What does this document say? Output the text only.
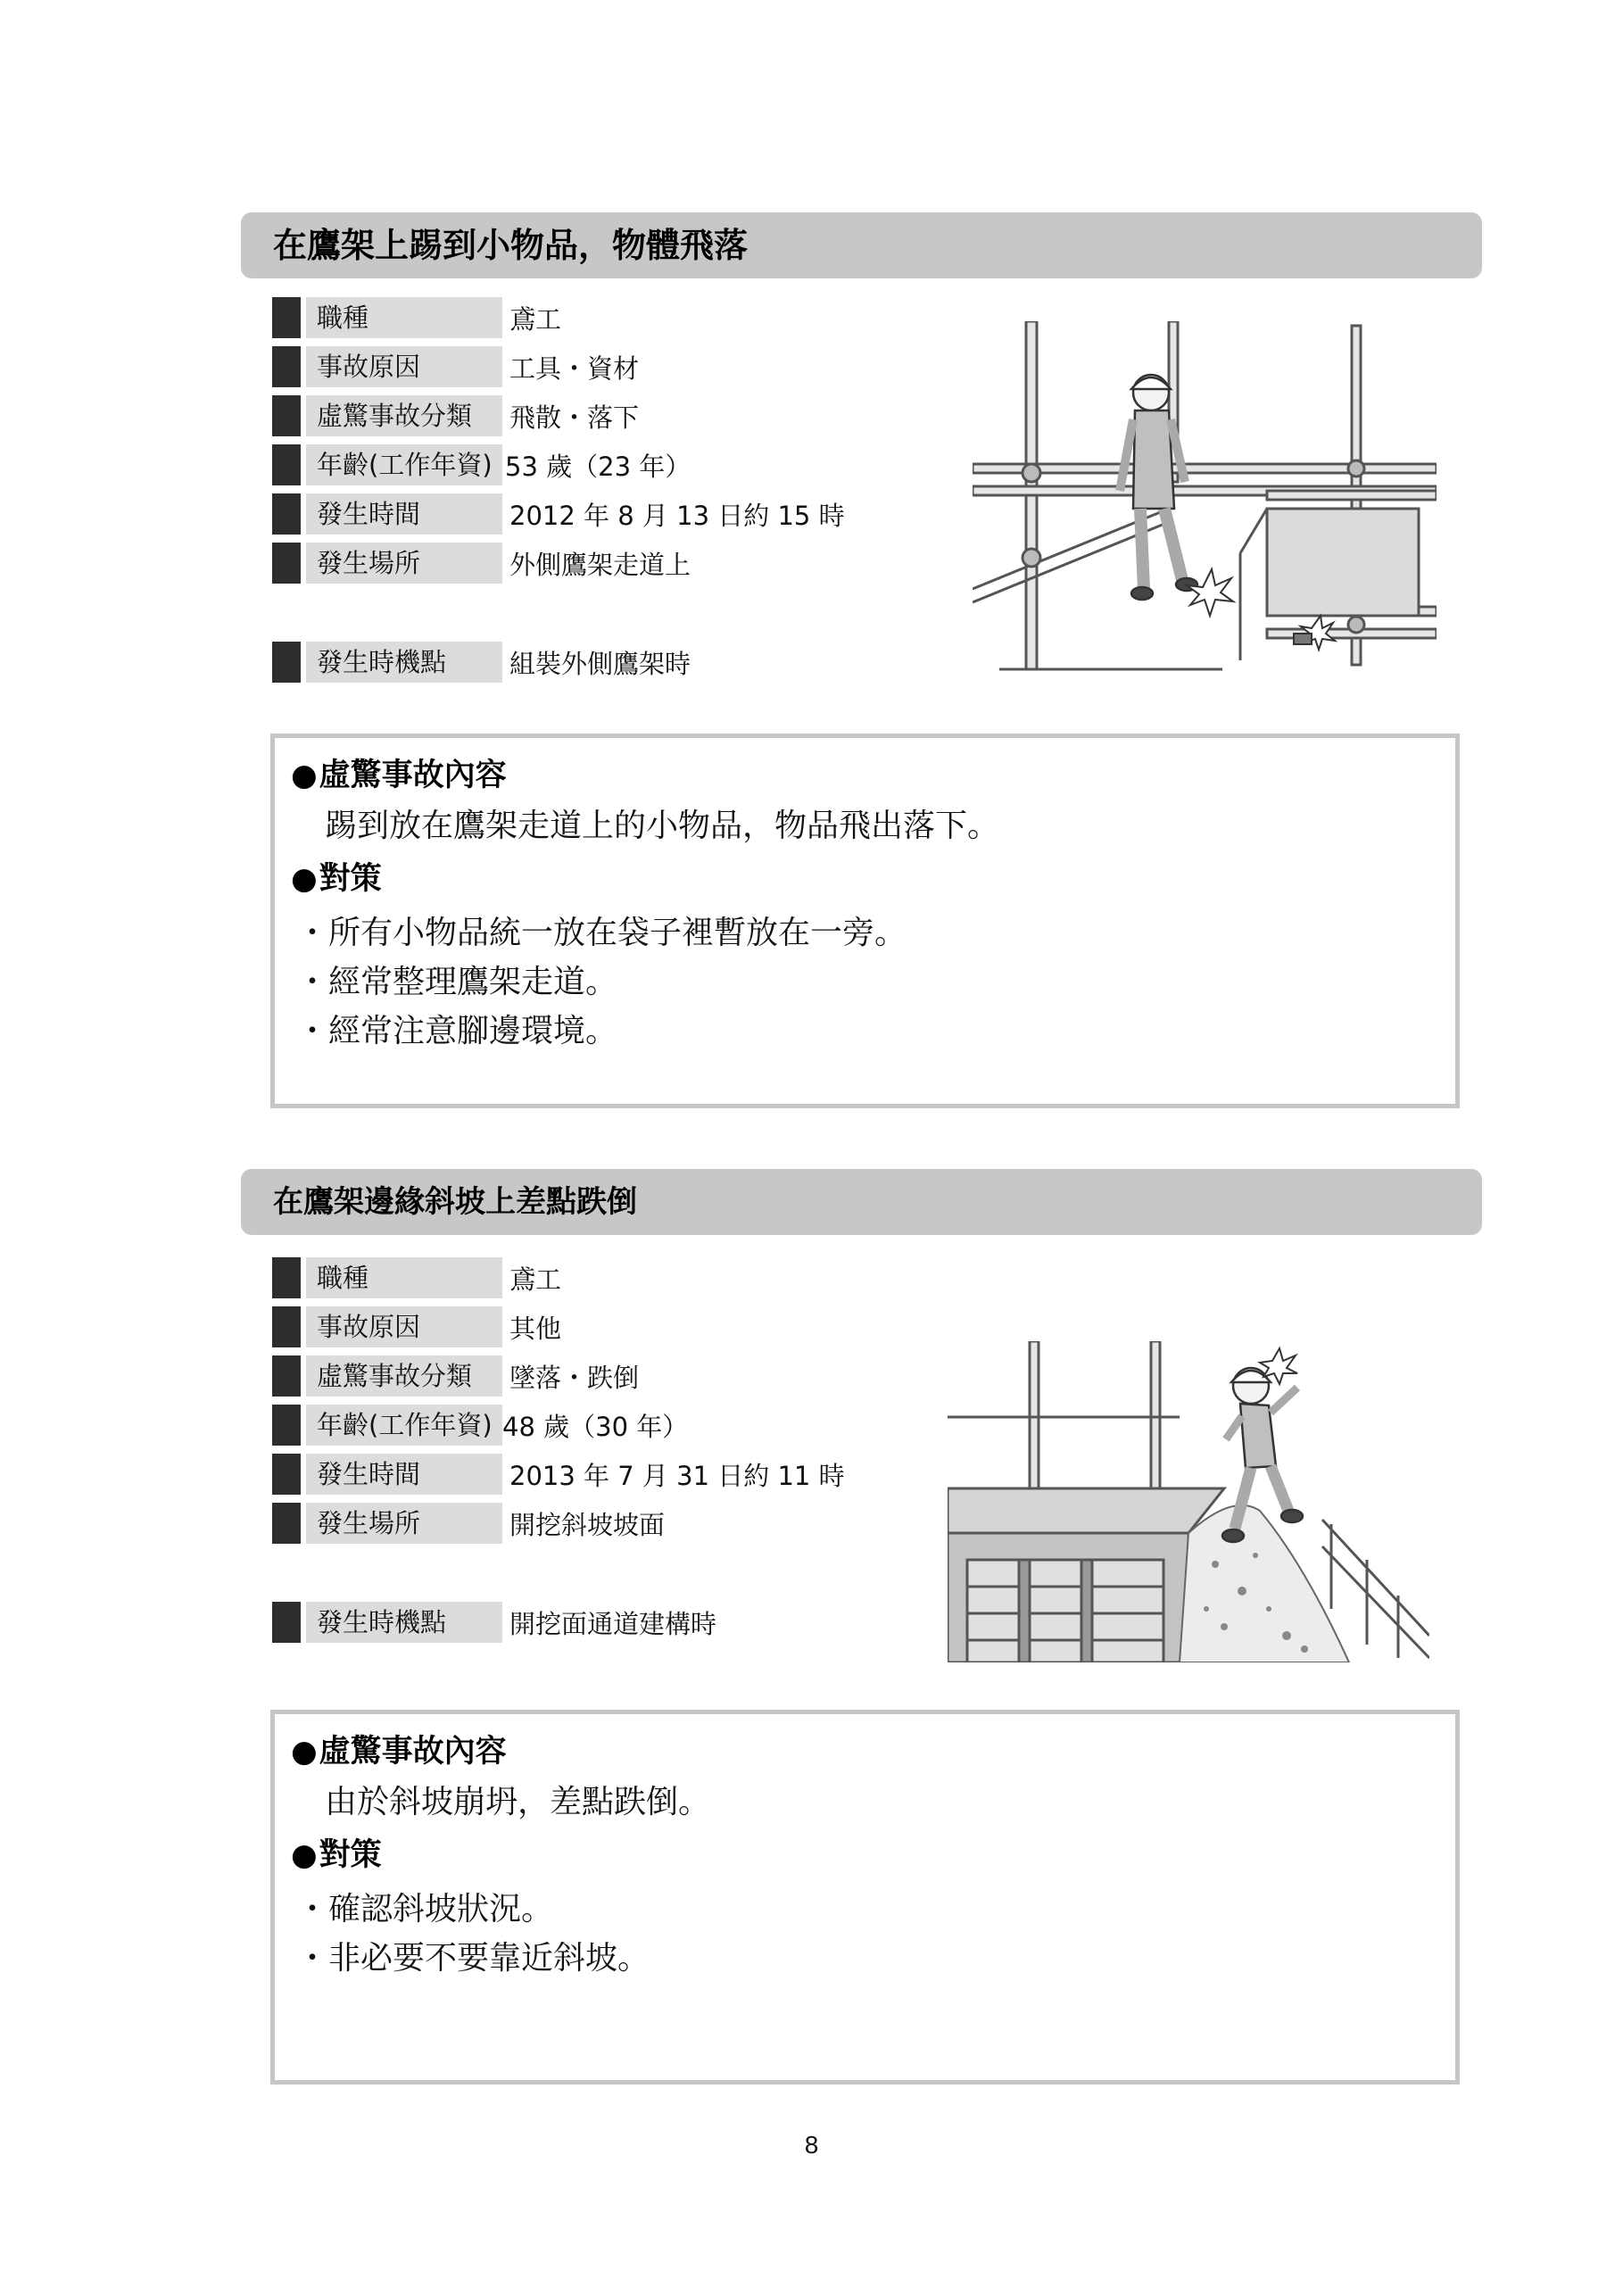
在鷹架上踢到小物品，物體飛落
職種	鳶工
事故原因	工具・資材
虛驚事故分類	飛散・落下
年齡(工作年資) 53 歲（23 年）
發生時間	2012 年 8 月 13 日約 15 時
發生場所	外側鷹架走道上
發生時機點	組裝外側鷹架時
●虛驚事故內容
踢到放在鷹架走道上的小物品，物品飛出落下。
●對策
・所有小物品統一放在袋子裡暫放在一旁。
・經常整理鷹架走道。
・經常注意腳邊環境。
在鷹架邊緣斜坡上差點跌倒
職種	鳶工
事故原因	其他
虛驚事故分類	墜落・跌倒
年齡(工作年資) 48 歲（30 年）
發生時間	2013 年 7 月 31 日約 11 時
發生場所	開挖斜坡坡面
發生時機點	開挖面通道建構時
●虛驚事故內容
由於斜坡崩坍，差點跌倒。
●對策
・確認斜坡狀況。
・非必要不要靠近斜坡。
8
